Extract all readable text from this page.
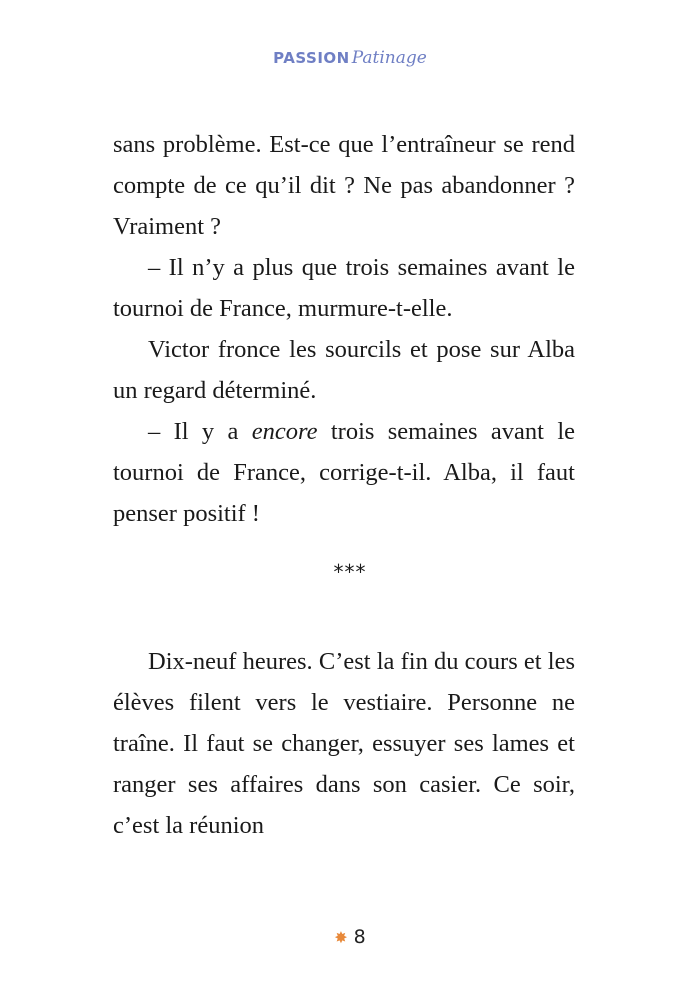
PASSION Patinage

sans problème. Est-ce que l’entraîneur se rend compte de ce qu’il dit ? Ne pas abandonner ? Vraiment ?

– Il n’y a plus que trois semaines avant le tournoi de France, murmure-t-elle.

Victor fronce les sourcils et pose sur Alba un regard déterminé.

– Il y a encore trois semaines avant le tournoi de France, corrige-t-il. Alba, il faut penser positif !

***

Dix-neuf heures. C’est la fin du cours et les élèves filent vers le vestiaire. Personne ne traîne. Il faut se changer, essuyer ses lames et ranger ses affaires dans son casier. Ce soir, c’est la réunion

✸ 8
